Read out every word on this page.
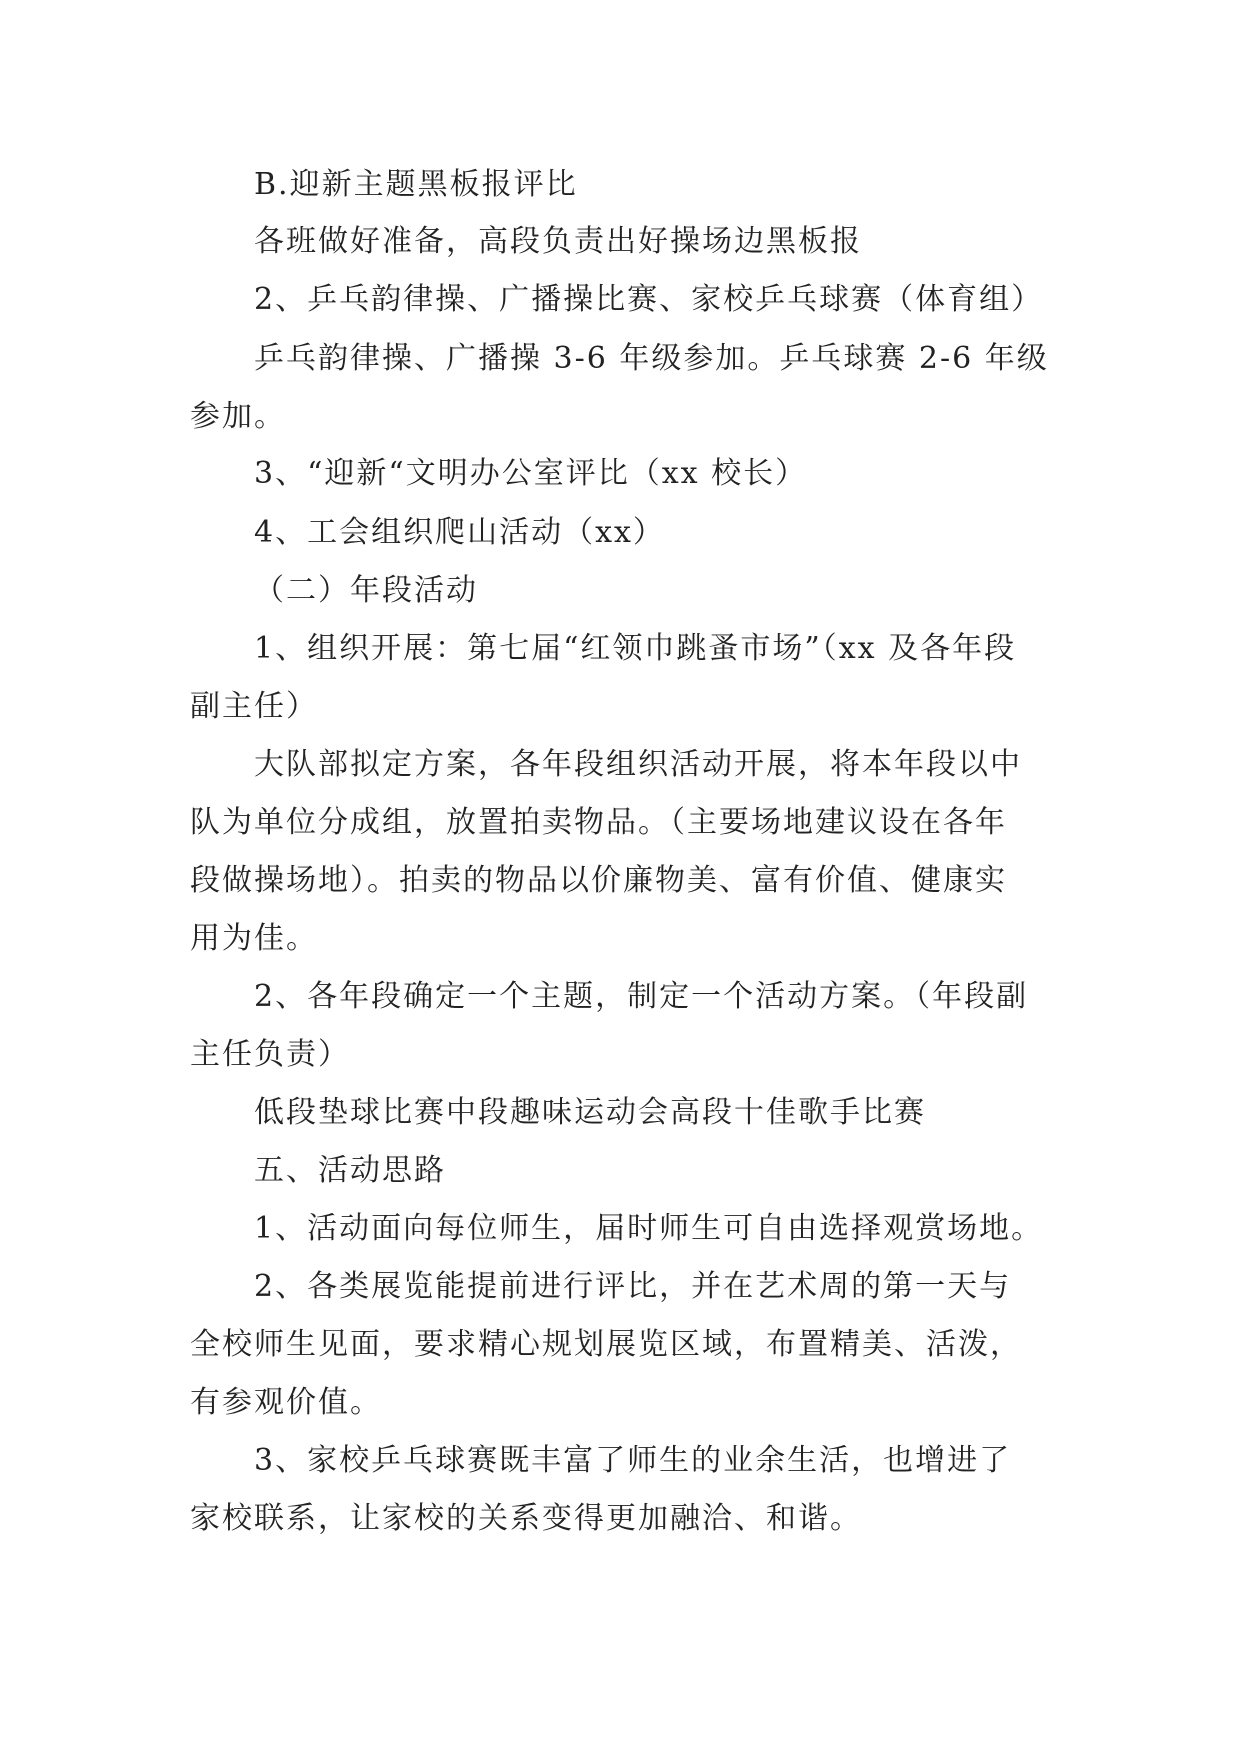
B.迎新主题黑板报评比

各班做好准备，高段负责出好操场边黑板报

2、乒乓韵律操、广播操比赛、家校乒乓球赛（体育组）

乒乓韵律操、广播操 3-6 年级参加。乒乓球赛 2-6 年级

参加。

3、“迎新“文明办公室评比（xx 校长）

4、工会组织爬山活动（xx）

（二）年段活动

1、组织开展：第七届“红领巾跳蚤市场”（xx 及各年段

副主任）

大队部拟定方案，各年段组织活动开展，将本年段以中

队为单位分成组，放置拍卖物品。（主要场地建议设在各年

段做操场地）。拍卖的物品以价廉物美、富有价值、健康实

用为佳。

2、各年段确定一个主题，制定一个活动方案。（年段副

主任负责）

低段垫球比赛中段趣味运动会高段十佳歌手比赛

五、活动思路

1、活动面向每位师生，届时师生可自由选择观赏场地。

2、各类展览能提前进行评比，并在艺术周的第一天与

全校师生见面，要求精心规划展览区域，布置精美、活泼，

有参观价值。

3、家校乒乓球赛既丰富了师生的业余生活，也增进了

家校联系，让家校的关系变得更加融洽、和谐。
